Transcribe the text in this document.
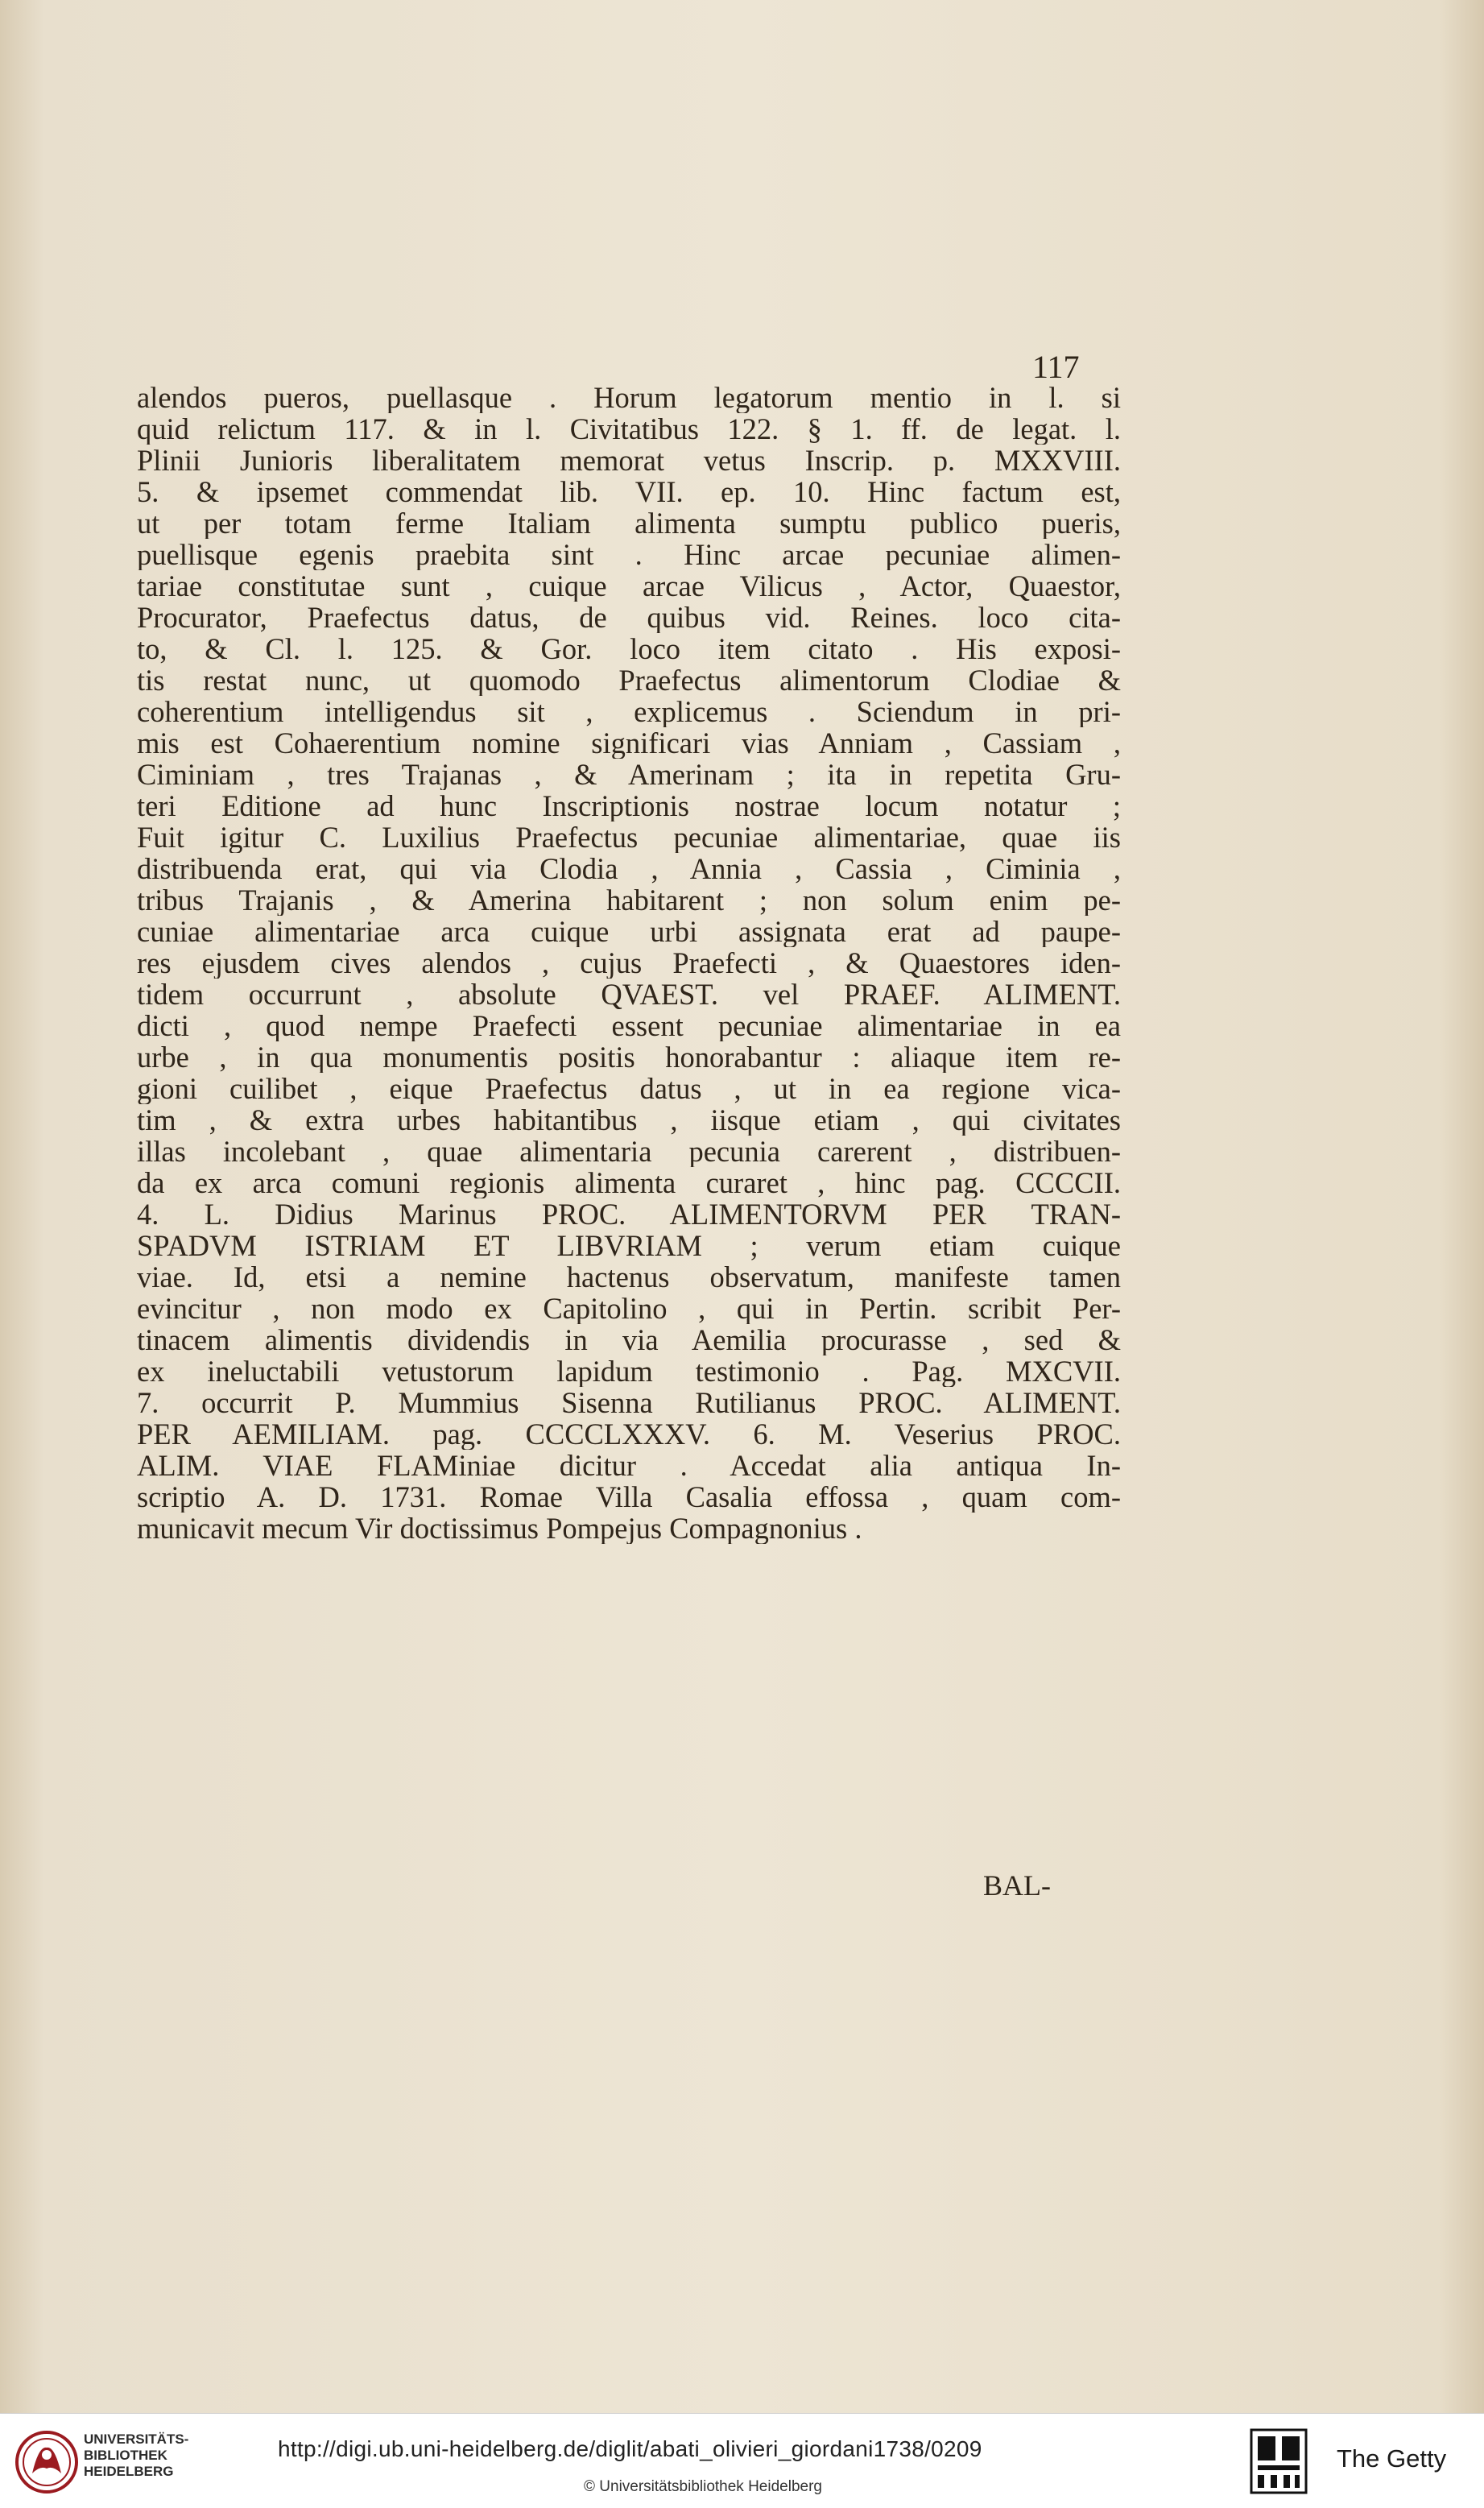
117
alendos pueros, puellasque . Horum legatorum mentio in l. si
quid relictum 117. & in l. Civitatibus 122. § 1. ff. de legat. l.
Plinii Junioris liberalitatem memorat vetus Inscrip. p. MXXVIII.
5. & ipsemet commendat lib. VII. ep. 10. Hinc factum est,
ut per totam ferme Italiam alimenta sumptu publico pueris,
puellisque egenis praebita sint . Hinc arcae pecuniae alimen-
tariae constitutae sunt , cuique arcae Vilicus , Actor, Quaestor,
Procurator, Praefectus datus, de quibus vid. Reines. loco cita-
to, & Cl. l. 125. & Gor. loco item citato . His exposi-
tis restat nunc, ut quomodo Praefectus alimentorum Clodiae &
coherentium intelligendus sit , explicemus . Sciendum in pri-
mis est Cohaerentium nomine significari vias Anniam , Cassiam ,
Ciminiam , tres Trajanas , & Amerinam ; ita in repetita Gru-
teri Editione ad hunc Inscriptionis nostrae locum notatur ;
Fuit igitur C. Luxilius Praefectus pecuniae alimentariae, quae iis
distribuenda erat, qui via Clodia , Annia , Cassia , Ciminia ,
tribus Trajanis , & Amerina habitarent ; non solum enim pe-
cuniae alimentariae arca cuique urbi assignata erat ad paupe-
res ejusdem cives alendos , cujus Praefecti , & Quaestores iden-
tidem occurrunt , absolute QVAEST. vel PRAEF. ALIMENT.
dicti , quod nempe Praefecti essent pecuniae alimentariae in ea
urbe , in qua monumentis positis honorabantur : aliaque item re-
gioni cuilibet , eique Praefectus datus , ut in ea regione vica-
tim , & extra urbes habitantibus , iisque etiam , qui civitates
illas incolebant , quae alimentaria pecunia carerent , distribuen-
da ex arca comuni regionis alimenta curaret , hinc pag. CCCCII.
4. L. Didius Marinus PROC. ALIMENTORVM PER TRAN-
SPADVM ISTRIAM ET LIBVRIAM ; verum etiam cuique
viae. Id, etsi a nemine hactenus observatum, manifeste tamen
evincitur , non modo ex Capitolino , qui in Pertin. scribit Per-
tinacem alimentis dividendis in via Aemilia procurasse , sed &
ex ineluctabili vetustorum lapidum testimonio . Pag. MXCVII.
7. occurrit P. Mummius Sisenna Rutilianus PROC. ALIMENT.
PER AEMILIAM. pag. CCCCLXXXV. 6. M. Veserius PROC.
ALIM. VIAE FLAMiniae dicitur . Accedat alia antiqua In-
scriptio A. D. 1731. Romae Villa Casalia effossa , quam com-
municavit mecum Vir doctissimus Pompejus Compagnonius .
BAL-
UNIVERSITÄTS-
BIBLIOTHEK
HEIDELBERG
http://digi.ub.uni-heidelberg.de/diglit/abati_olivieri_giordani1738/0209
© Universitätsbibliothek Heidelberg
The Getty
